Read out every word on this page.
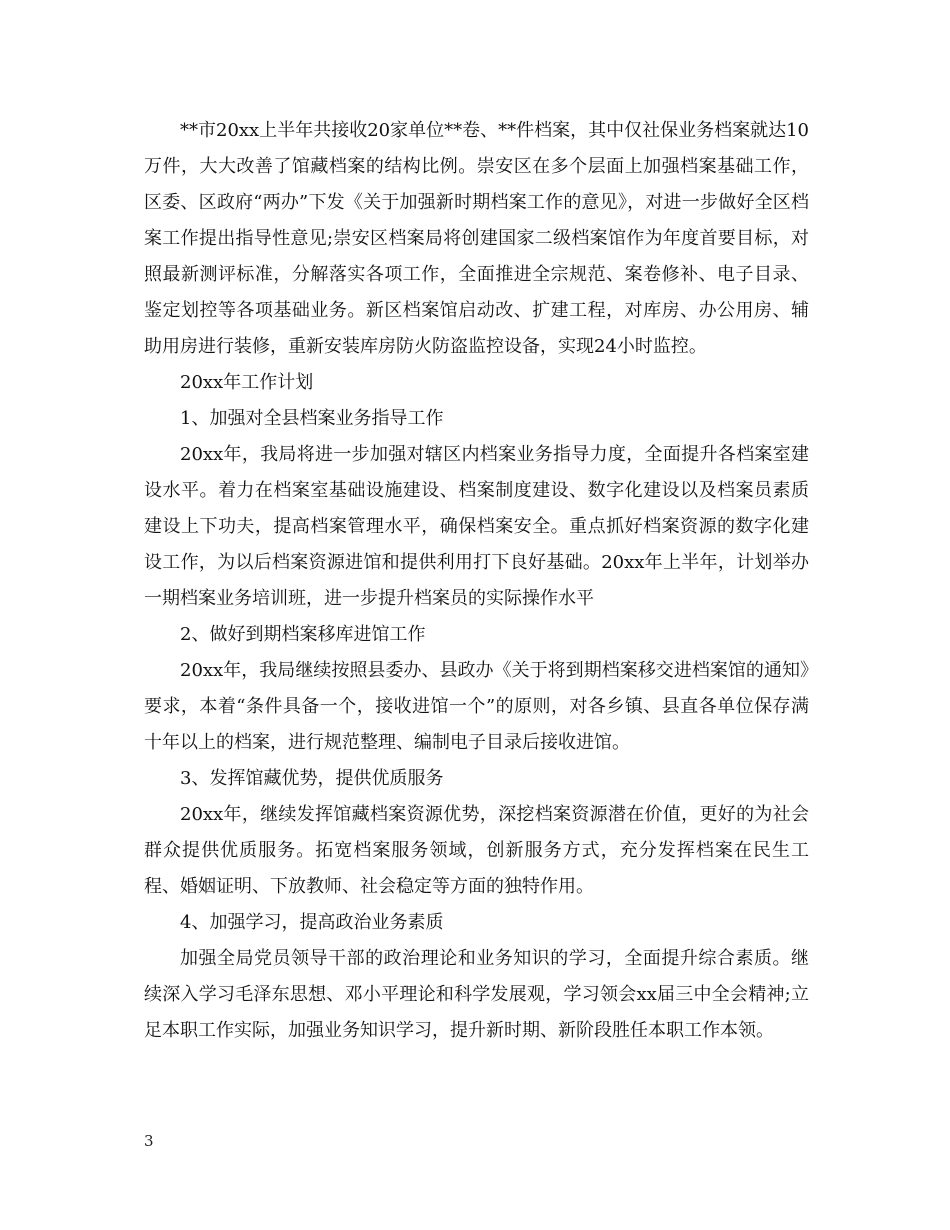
**市20xx上半年共接收20家单位**卷、**件档案，其中仅社保业务档案就达10万件，大大改善了馆藏档案的结构比例。崇安区在多个层面上加强档案基础工作，区委、区政府“两办”下发《关于加强新时期档案工作的意见》，对进一步做好全区档案工作提出指导性意见;崇安区档案局将创建国家二级档案馆作为年度首要目标，对照最新测评标准，分解落实各项工作，全面推进全宗规范、案卷修补、电子目录、鉴定划控等各项基础业务。新区档案馆启动改、扩建工程，对库房、办公用房、辅助用房进行装修，重新安装库房防火防盗监控设备，实现24小时监控。

20xx年工作计划

1、加强对全县档案业务指导工作

20xx年，我局将进一步加强对辖区内档案业务指导力度，全面提升各档案室建设水平。着力在档案室基础设施建设、档案制度建设、数字化建设以及档案员素质建设上下功夫，提高档案管理水平，确保档案安全。重点抓好档案资源的数字化建设工作，为以后档案资源进馆和提供利用打下良好基础。20xx年上半年，计划举办一期档案业务培训班，进一步提升档案员的实际操作水平

2、做好到期档案移库进馆工作

20xx年，我局继续按照县委办、县政办《关于将到期档案移交进档案馆的通知》要求，本着“条件具备一个，接收进馆一个”的原则，对各乡镇、县直各单位保存满十年以上的档案，进行规范整理、编制电子目录后接收进馆。

3、发挥馆藏优势，提供优质服务

20xx年，继续发挥馆藏档案资源优势，深挖档案资源潜在价值，更好的为社会群众提供优质服务。拓宽档案服务领域，创新服务方式，充分发挥档案在民生工程、婚姻证明、下放教师、社会稳定等方面的独特作用。

4、加强学习，提高政治业务素质

加强全局党员领导干部的政治理论和业务知识的学习，全面提升综合素质。继续深入学习毛泽东思想、邓小平理论和科学发展观，学习领会xx届三中全会精神;立足本职工作实际，加强业务知识学习，提升新时期、新阶段胜任本职工作本领。

3
